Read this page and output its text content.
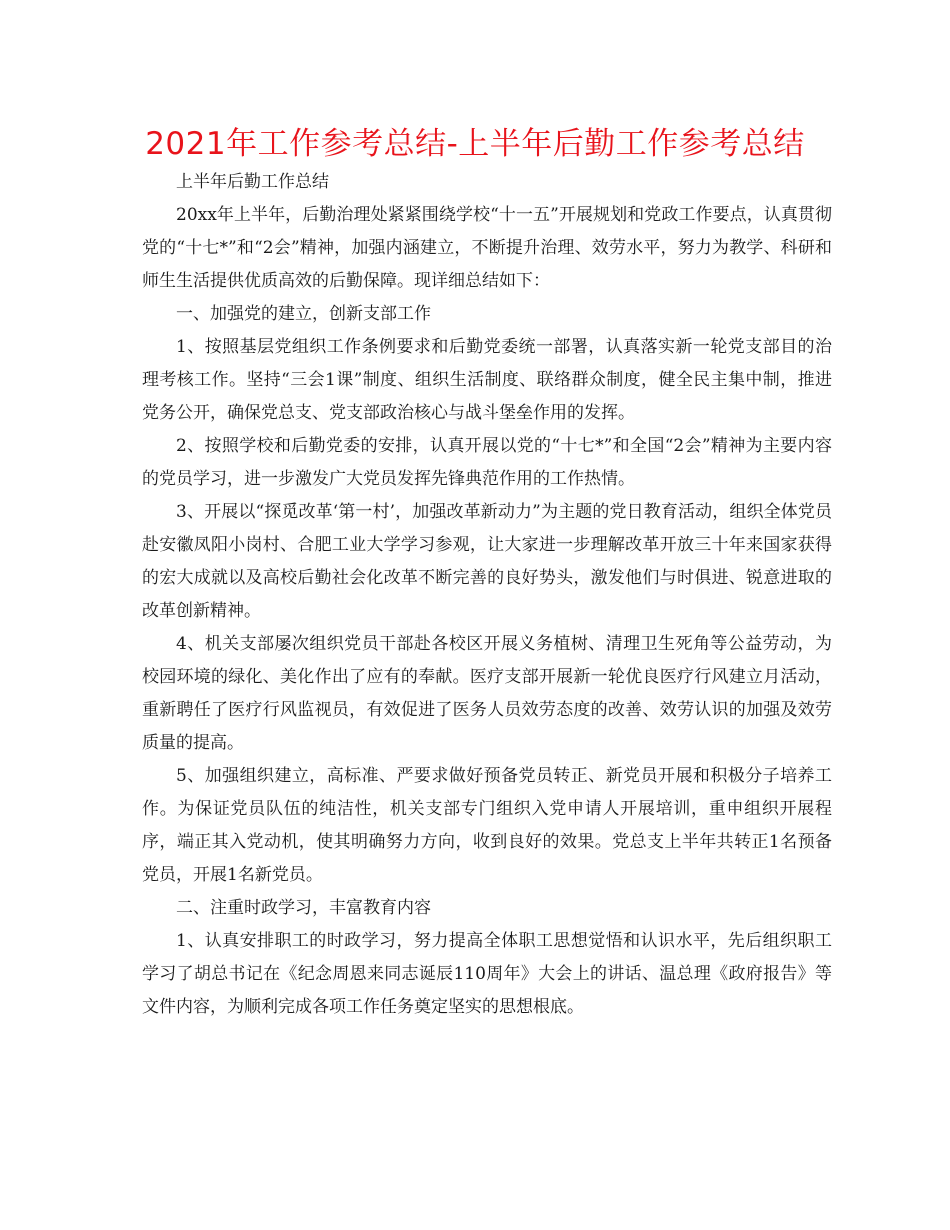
2021年工作参考总结-上半年后勤工作参考总结

上半年后勤工作总结

20xx年上半年，后勤治理处紧紧围绕学校“十一五”开展规划和党政工作要点，认真贯彻党的“十七*”和“2会”精神，加强内涵建立，不断提升治理、效劳水平，努力为教学、科研和师生生活提供优质高效的后勤保障。现详细总结如下：

一、加强党的建立，创新支部工作

1、按照基层党组织工作条例要求和后勤党委统一部署，认真落实新一轮党支部目的治理考核工作。坚持“三会1课”制度、组织生活制度、联络群众制度，健全民主集中制，推进党务公开，确保党总支、党支部政治核心与战斗堡垒作用的发挥。

2、按照学校和后勤党委的安排，认真开展以党的“十七*”和全国“2会”精神为主要内容的党员学习，进一步激发广大党员发挥先锋典范作用的工作热情。

3、开展以“探觅改革‘第一村’，加强改革新动力”为主题的党日教育活动，组织全体党员赴安徽凤阳小岗村、合肥工业大学学习参观，让大家进一步理解改革开放三十年来国家获得的宏大成就以及高校后勤社会化改革不断完善的良好势头，激发他们与时俱进、锐意进取的改革创新精神。

4、机关支部屡次组织党员干部赴各校区开展义务植树、清理卫生死角等公益劳动，为校园环境的绿化、美化作出了应有的奉献。医疗支部开展新一轮优良医疗行风建立月活动，重新聘任了医疗行风监视员，有效促进了医务人员效劳态度的改善、效劳认识的加强及效劳质量的提高。

5、加强组织建立，高标准、严要求做好预备党员转正、新党员开展和积极分子培养工作。为保证党员队伍的纯洁性，机关支部专门组织入党申请人开展培训，重申组织开展程序，端正其入党动机，使其明确努力方向，收到良好的效果。党总支上半年共转正1名预备党员，开展1名新党员。

二、注重时政学习，丰富教育内容

1、认真安排职工的时政学习，努力提高全体职工思想觉悟和认识水平，先后组织职工学习了胡总书记在《纪念周恩来同志诞辰110周年》大会上的讲话、温总理《政府报告》等文件内容，为顺利完成各项工作任务奠定坚实的思想根底。
